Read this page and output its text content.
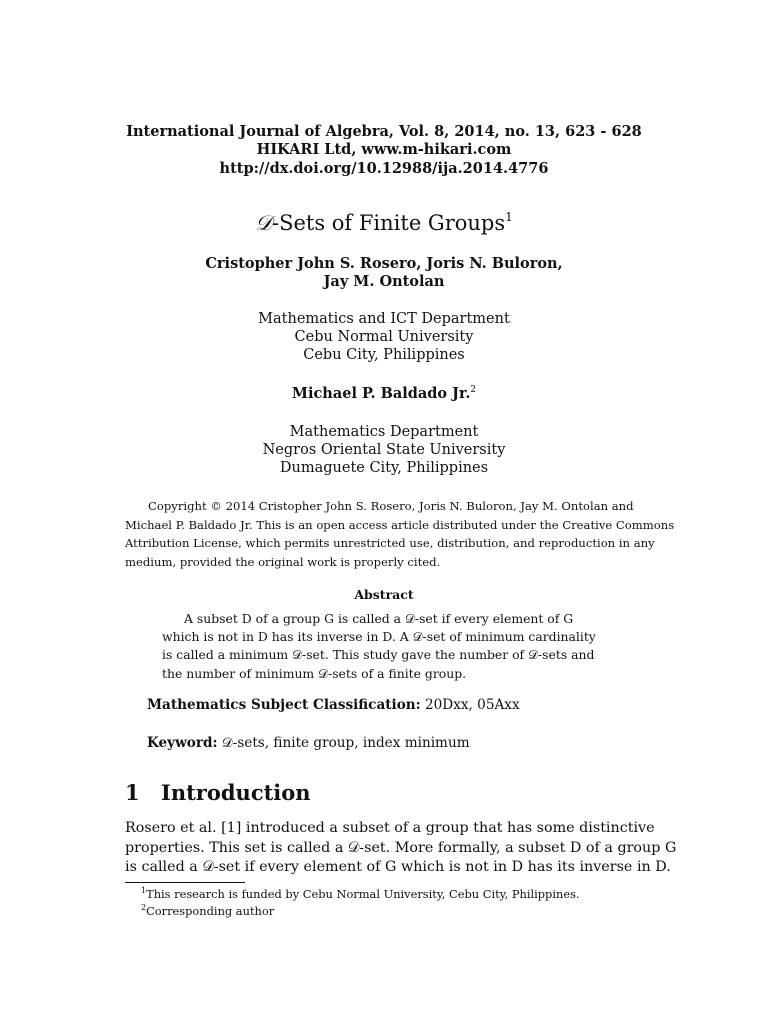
International Journal of Algebra, Vol. 8, 2014, no. 13, 623 - 628
HIKARI Ltd, www.m-hikari.com
http://dx.doi.org/10.12988/ija.2014.4776
𝒟-Sets of Finite Groups$^1$
Cristopher John S. Rosero, Joris N. Buloron,
Jay M. Ontolan
Mathematics and ICT Department
Cebu Normal University
Cebu City, Philippines
Michael P. Baldado Jr.$^2$
Mathematics Department
Negros Oriental State University
Dumaguete City, Philippines
Copyright © 2014 Cristopher John S. Rosero, Joris N. Buloron, Jay M. Ontolan and
Michael P. Baldado Jr. This is an open access article distributed under the Creative Commons
Attribution License, which permits unrestricted use, distribution, and reproduction in any
medium, provided the original work is properly cited.
Abstract
A subset D of a group G is called a 𝒟-set if every element of G
which is not in D has its inverse in D. A 𝒟-set of minimum cardinality
is called a minimum 𝒟-set. This study gave the number of 𝒟-sets and
the number of minimum 𝒟-sets of a finite group.
Mathematics Subject Classification: 20Dxx, 05Axx
Keyword: 𝒟-sets, finite group, index minimum
1 Introduction
Rosero et al. [1] introduced a subset of a group that has some distinctive
properties. This set is called a 𝒟-set. More formally, a subset D of a group G
is called a 𝒟-set if every element of G which is not in D has its inverse in D.
$^1$This research is funded by Cebu Normal University, Cebu City, Philippines.
$^2$Corresponding author
